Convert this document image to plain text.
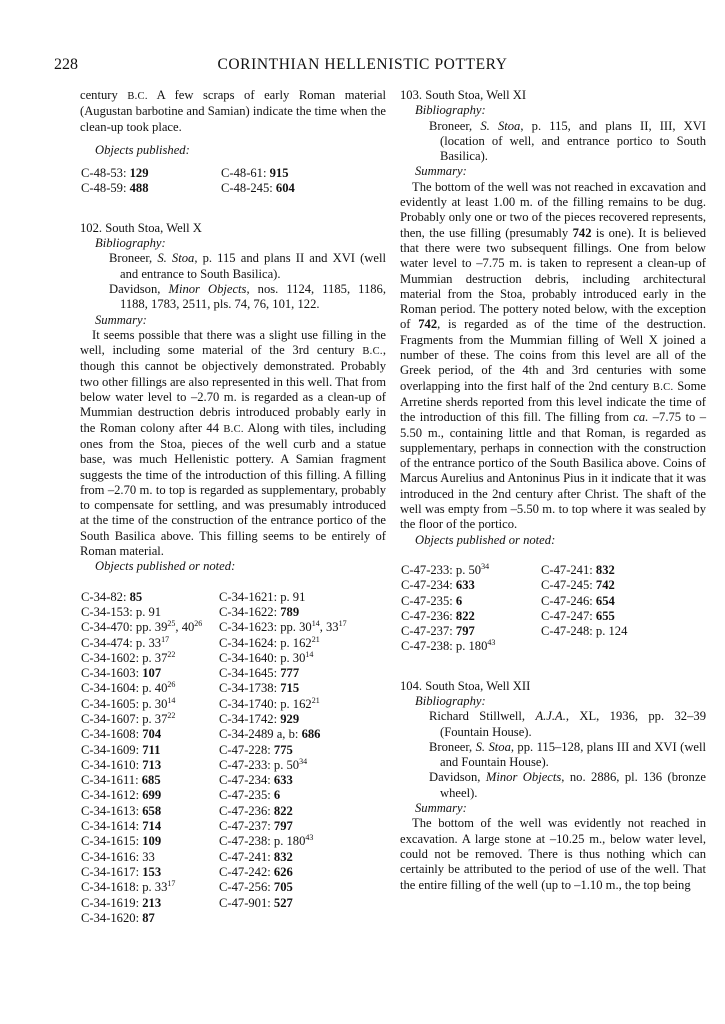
228	CORINTHIAN HELLENISTIC POTTERY

century B.C. A few scraps of early Roman material (Augustan barbotine and Samian) indicate the time when the clean-up took place.

Objects published:

C-48-53: 129	C-48-61: 915
C-48-59: 488	C-48-245: 604

102. South Stoa, Well X

Bibliography:

Broneer, S. Stoa, p. 115 and plans II and XVI (well and entrance to South Basilica).

Davidson, Minor Objects, nos. 1124, 1185, 1186, 1188, 1783, 2511, pls. 74, 76, 101, 122.

Summary:

It seems possible that there was a slight use filling in the well, including some material of the 3rd century B.C., though this cannot be objectively demonstrated. Probably two other fillings are also represented in this well. That from below water level to –2.70 m. is regarded as a clean-up of Mummian destruction debris introduced probably early in the Roman colony after 44 B.C. Along with tiles, including ones from the Stoa, pieces of the well curb and a statue base, was much Hellenistic pottery. A Samian fragment suggests the time of the introduction of this filling. A filling from –2.70 m. to top is regarded as supplementary, probably to compensate for settling, and was presumably introduced at the time of the construction of the entrance portico of the South Basilica above. This filling seems to be entirely of Roman material.

Objects published or noted:

C-34-82: 85	C-34-1621: p. 91
C-34-153: p. 91	C-34-1622: 789
C-34-470: pp. $39^{25}$, $40^{26}$	C-34-1623: pp. $30^{14}$, $33^{17}$
C-34-474: p. $33^{17}$	C-34-1624: p. $162^{21}$
C-34-1602: p. $37^{22}$	C-34-1640: p. $30^{14}$
C-34-1603: 107	C-34-1645: 777
C-34-1604: p. $40^{26}$	C-34-1738: 715
C-34-1605: p. $30^{14}$	C-34-1740: p. $162^{21}$
C-34-1607: p. $37^{22}$	C-34-1742: 929
C-34-1608: 704	C-34-2489 a, b: 686
C-34-1609: 711	C-47-228: 775
C-34-1610: 713	C-47-233: p. $50^{34}$
C-34-1611: 685	C-47-234: 633
C-34-1612: 699	C-47-235: 6
C-34-1613: 658	C-47-236: 822
C-34-1614: 714	C-47-237: 797
C-34-1615: 109	C-47-238: p. $180^{43}$
C-34-1616: 33	C-47-241: 832
C-34-1617: 153	C-47-242: 626
C-34-1618: p. $33^{17}$	C-47-256: 705
C-34-1619: 213	C-47-901: 527
C-34-1620: 87

103. South Stoa, Well XI

Bibliography:

Broneer, S. Stoa, p. 115, and plans II, III, XVI (location of well, and entrance portico to South Basilica).

Summary:

The bottom of the well was not reached in excavation and evidently at least 1.00 m. of the filling remains to be dug. Probably only one or two of the pieces recovered represents, then, the use filling (presumably 742 is one). It is believed that there were two subsequent fillings. One from below water level to –7.75 m. is taken to represent a clean-up of Mummian destruction debris, including architectural material from the Stoa, probably introduced early in the Roman period. The pottery noted below, with the exception of 742, is regarded as of the time of the destruction. Fragments from the Mummian filling of Well X joined a number of these. The coins from this level are all of the Greek period, of the 4th and 3rd centuries with some overlapping into the first half of the 2nd century B.C. Some Arretine sherds reported from this level indicate the time of the introduction of this fill. The filling from ca. –7.75 to –5.50 m., containing little and that Roman, is regarded as supplementary, perhaps in connection with the construction of the entrance portico of the South Basilica above. Coins of Marcus Aurelius and Antoninus Pius in it indicate that it was introduced in the 2nd century after Christ. The shaft of the well was empty from –5.50 m. to top where it was sealed by the floor of the portico.

Objects published or noted:

C-47-233: p. $50^{34}$	C-47-241: 832
C-47-234: 633	C-47-245: 742
C-47-235: 6	C-47-246: 654
C-47-236: 822	C-47-247: 655
C-47-237: 797	C-47-248: p. 124
C-47-238: p. $180^{43}$

104. South Stoa, Well XII

Bibliography:

Richard Stillwell, A.J.A., XL, 1936, pp. 32–39 (Fountain House).

Broneer, S. Stoa, pp. 115–128, plans III and XVI (well and Fountain House).

Davidson, Minor Objects, no. 2886, pl. 136 (bronze wheel).

Summary:

The bottom of the well was evidently not reached in excavation. A large stone at –10.25 m., below water level, could not be removed. There is thus nothing which can certainly be attributed to the period of use of the well. That the entire filling of the well (up to –1.10 m., the top being
